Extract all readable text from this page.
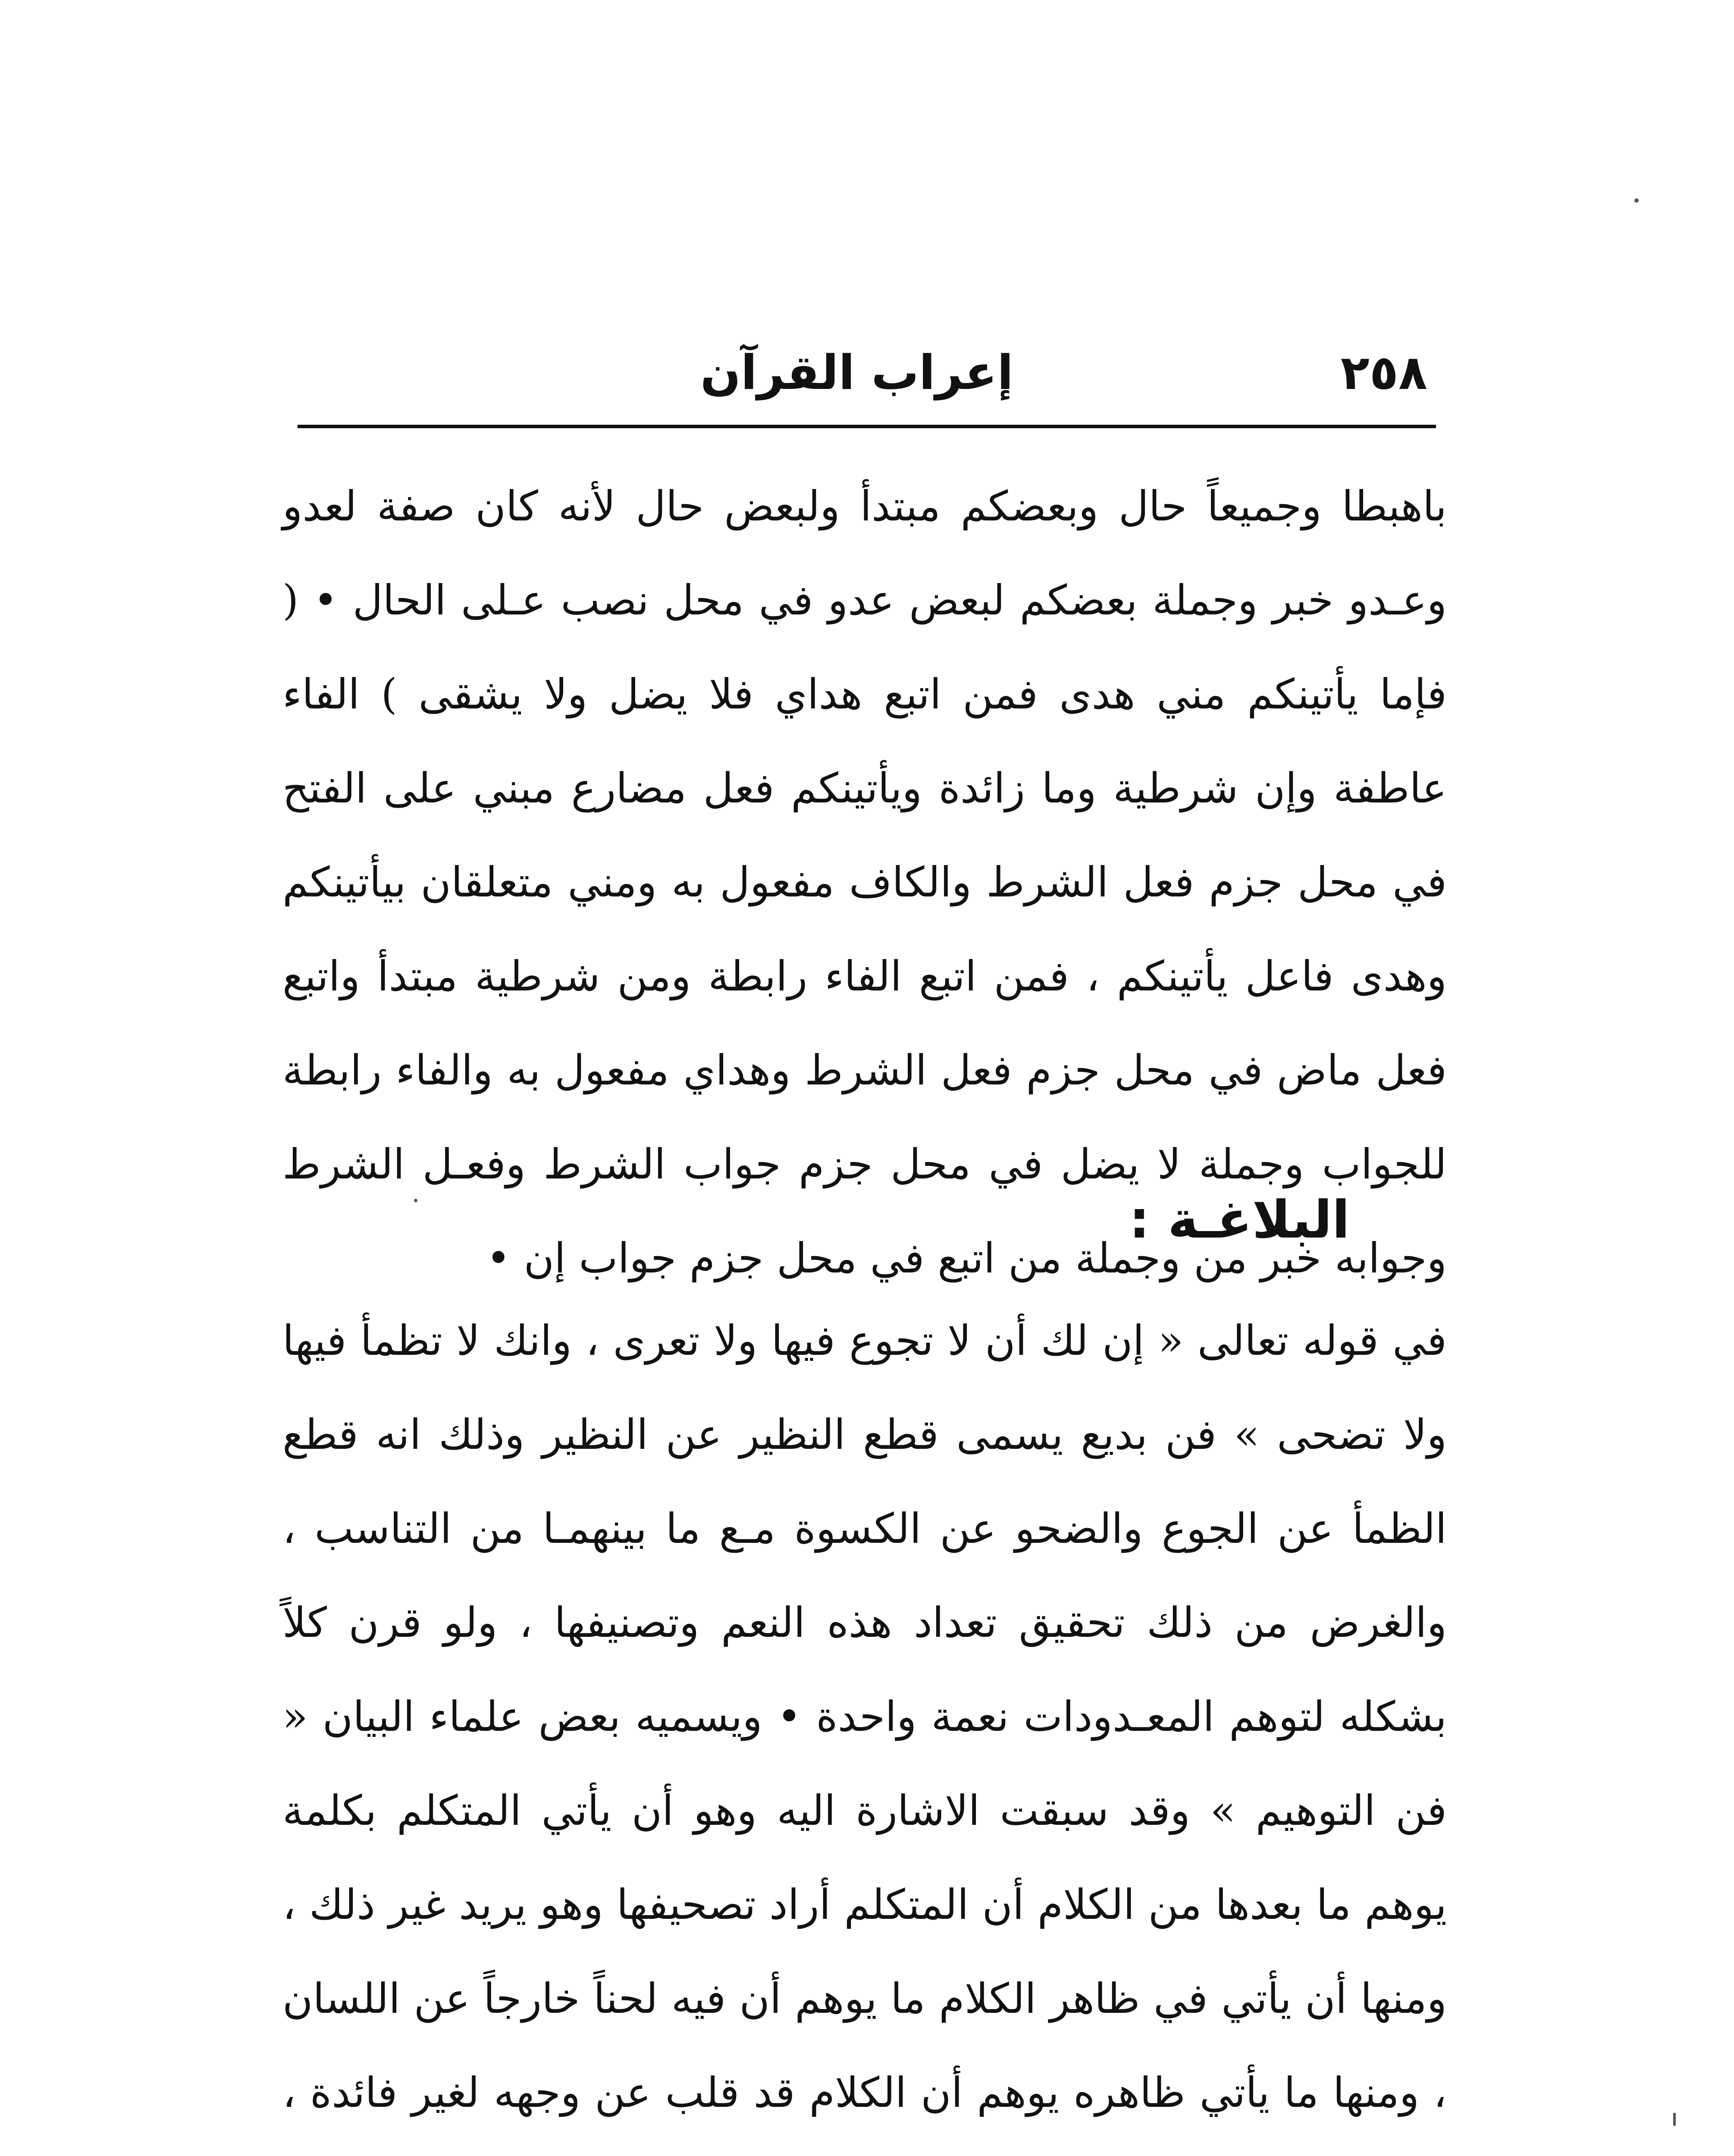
٢٥٨
إعراب القرآن

باهبطا وجميعاً حال وبعضكم مبتدأ ولبعض حال لأنه كان صفة لعدو وعـدو خبر وجملة بعضكم لبعض عدو في محل نصب عـلى الحال • ( فإما يأتينكم مني هدى فمن اتبع هداي فلا يضل ولا يشقى ) الفاء عاطفة وإن شرطية وما زائدة ويأتينكم فعل مضارع مبني على الفتح في محل جزم فعل الشرط والكاف مفعول به ومني متعلقان بيأتينكم وهدى فاعل يأتينكم ، فمن اتبع الفاء رابطة ومن شرطية مبتدأ واتبع فعل ماض في محل جزم فعل الشرط وهداي مفعول به والفاء رابطة للجواب وجملة لا يضل في محل جزم جواب الشرط وفعـل الشرط وجوابه خبر من وجملة من اتبع في محل جزم جواب إن •

البلاغـة :

في قوله تعالى « إن لك أن لا تجوع فيها ولا تعرى ، وانك لا تظمأ فيها ولا تضحى » فن بديع يسمى قطع النظير عن النظير وذلك انه قطع الظمأ عن الجوع والضحو عن الكسوة مـع ما بينهمـا من التناسب ، والغرض من ذلك تحقيق تعداد هذه النعم وتصنيفها ، ولو قرن كلاً بشكله لتوهم المعـدودات نعمة واحدة • ويسميه بعض علماء البيان « فن التوهيم » وقد سبقت الاشارة اليه وهو أن يأتي المتكلم بكلمة يوهم ما بعدها من الكلام أن المتكلم أراد تصحيفها وهو يريد غير ذلك ، ومنها أن يأتي في ظاهر الكلام ما يوهم أن فيه لحناً خارجاً عن اللسان ، ومنها ما يأتي ظاهره يوهم أن الكلام قد قلب عن وجهه لغير فائدة ،
